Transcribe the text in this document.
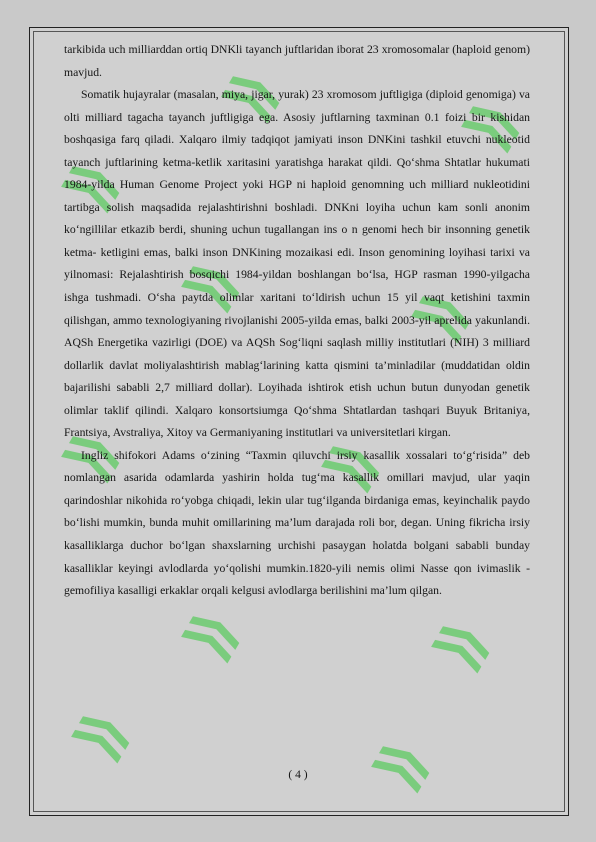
⟫
⟫	⟫
⟫ ⟫
⟫	⟫
⟫	⟫
⟫	⟫

tarkibida uch milliarddan ortiq DNKli tayanch juftlaridan iborat 23 xromosomalar (haploid genom) mavjud.

Somatik hujayralar (masalan, miya, jigar, yurak) 23 xromosom juftligiga (diploid genomiga) va olti milliard tagacha tayanch juftligiga ega. Asosiy juftlarning taxminan 0.1 foizi bir kishidan boshqasiga farq qiladi. Xalqaro ilmiy tadqiqot jamiyati inson DNKini tashkil etuvchi nukleotid tayanch juftlarining ketma-ketlik xaritasini yaratishga harakat qildi. Qo‘shma Shtatlar hukumati 1984-yilda Human Genome Project yoki HGP ni haploid genomning uch milliard nukleotidini tartibga solish maqsadida rejalashtirishni boshladi. DNKni loyiha uchun kam sonli anonim ko‘ngillilar etkazib berdi, shuning uchun tugallangan ins o n genomi hech bir insonning genetik ketma- ketligini emas, balki inson DNKining mozaikasi edi. Inson genomining loyihasi tarixi va yilnomasi: Rejalashtirish bosqichi 1984-yildan boshlangan bo‘lsa, HGP rasman 1990-yilgacha ishga tushmadi. O‘sha paytda olimlar xaritani to‘ldirish uchun 15 yil vaqt ketishini taxmin qilishgan, ammo texnologiyaning rivojlanishi 2005-yilda emas, balki 2003-yil aprelida yakunlandi. AQSh Energetika vazirligi (DOE) va AQSh Sog‘liqni saqlash milliy institutlari (NIH) 3 milliard dollarlik davlat moliyalashtirish mablag‘larining katta qismini ta’minladilar (muddatidan oldin bajarilishi sababli 2,7 milliard dollar). Loyihada ishtirok etish uchun butun dunyodan genetik olimlar taklif qilindi. Xalqaro konsortsiumga Qo‘shma Shtatlardan tashqari Buyuk Britaniya, Frantsiya, Avstraliya, Xitoy va Germaniyaning institutlari va universitetlari kirgan.

Ingliz shifokori Adams o‘zining “Taxmin qiluvchi irsiy kasallik xossalari to‘g‘risida” deb nomlangan asarida odamlarda yashirin holda tug‘ma kasallik omillari mavjud, ular yaqin qarindoshlar nikohida ro‘yobga chiqadi, lekin ular tug‘ilganda birdaniga emas, keyinchalik paydo bo‘lishi mumkin, bunda muhit omillarining ma’lum darajada roli bor, degan. Uning fikricha irsiy kasalliklarga duchor bo‘lgan shaxslarning urchishi pasaygan holatda bolgani sababli bunday kasalliklar keyingi avlodlarda yo‘qolishi mumkin.1820-yili nemis olimi Nasse qon ivimaslik - gemofiliya kasalligi erkaklar orqali kelgusi avlodlarga berilishini ma’lum qilgan.

( 4 )
